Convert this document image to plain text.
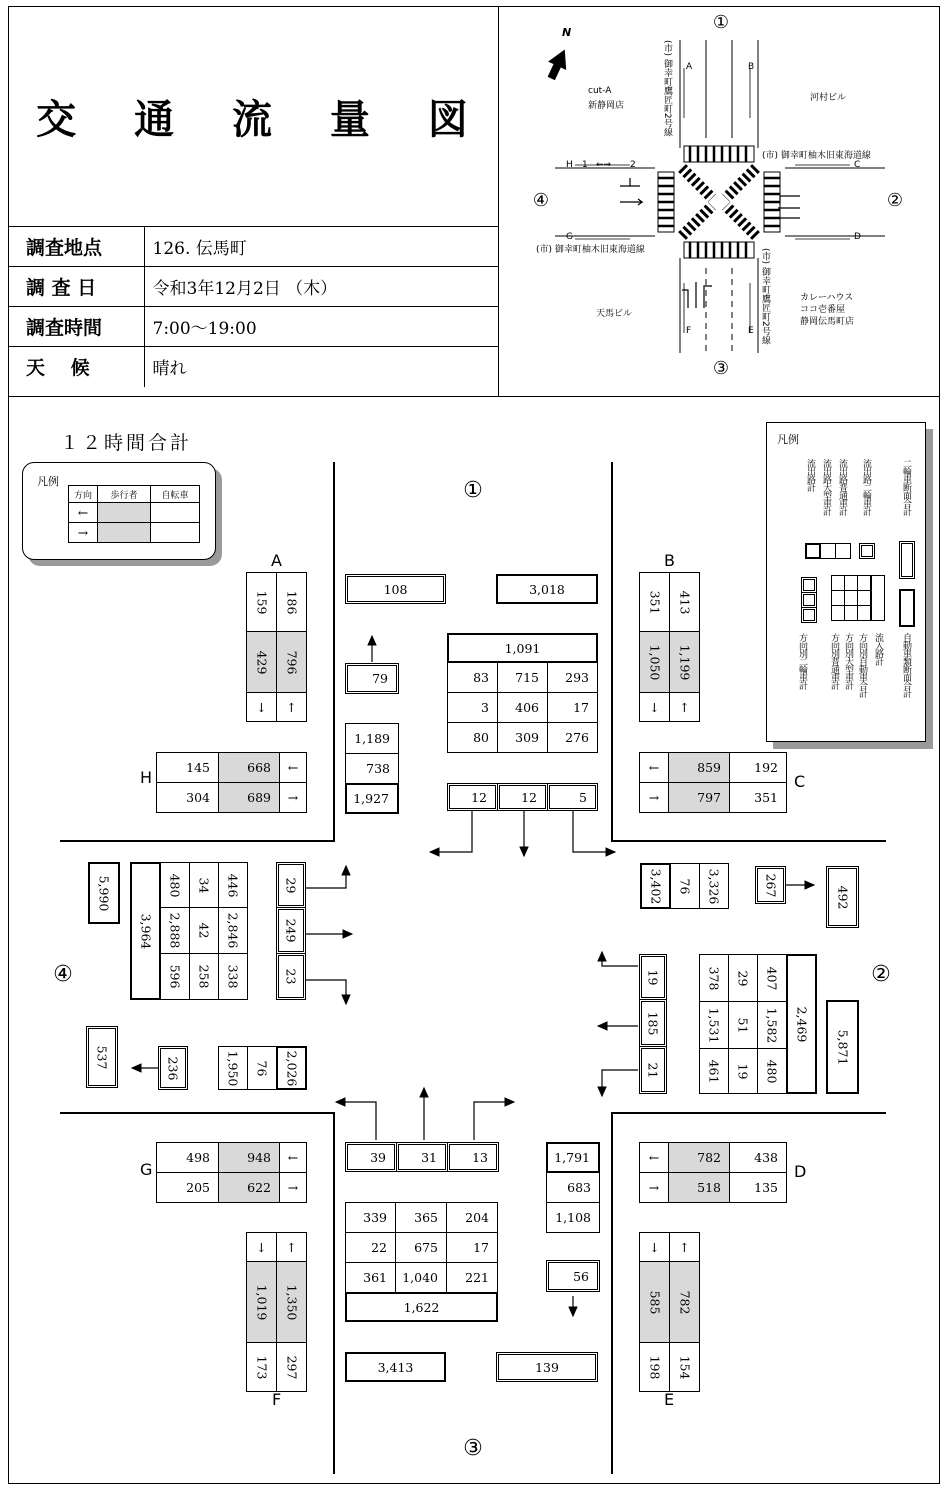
交 通 流 量 図
調査地点	126. 伝馬町
調 査 日	令和3年12月2日 （木）
調査時間	7:00〜19:00
天　 候	晴れ
N	①
②
③
④
cut-A
新静岡店
河村ビル
天馬ビル
カレーハウス
ココ壱番屋
静岡伝馬町店
(市) 御幸町鷹匠町2号線
(市) 御幸町鷹匠町2号線
(市) 御幸町柚木旧東海道線
(市) 御幸町柚木旧東海道線
A	B
C
D
E
F
G
H 1	2
←→
１２時間合計
①
②
③
④
凡例
方向	歩行者	自転車
←
→
凡例
流出路計 流出路大型車計 流出路普通車計 流出路二輪車計	二輪車断面合計
方向別二輪車計 方向別普通車計 方向別大型車計 方向別自動車合計 流入路計 自動車類断面合計
A
159 186
429 796
↓	↑
B
351 413
1,050 1,199
↓	↑
H
145	668	←
304	689	→
←	859	192
→	797	351
C
108	3,018
79
1,189
738
1,927
1,091
83	715	293
3	406	17
80	309	276
12	12	5
3,402 76 3,326	267
492
378 29 407
1,531 51 1,582
461 19 480
2,469
5,871
19
185
21
5,990
3,964
480 34 446
2,888 42 2,846
596 258 338
29
249
23
537	236	1,950 76 2,026
G
498	948	←
205	622	→
←	782	438
→	518	135
D
39	31	13	1,791
683
1,108
56
339	365	204
22	675	17
361	1,040	221
1,622
3,413	139
↓	↑
1,019 1,350
173 297
F
↓	↑
585 782
198 154
E
